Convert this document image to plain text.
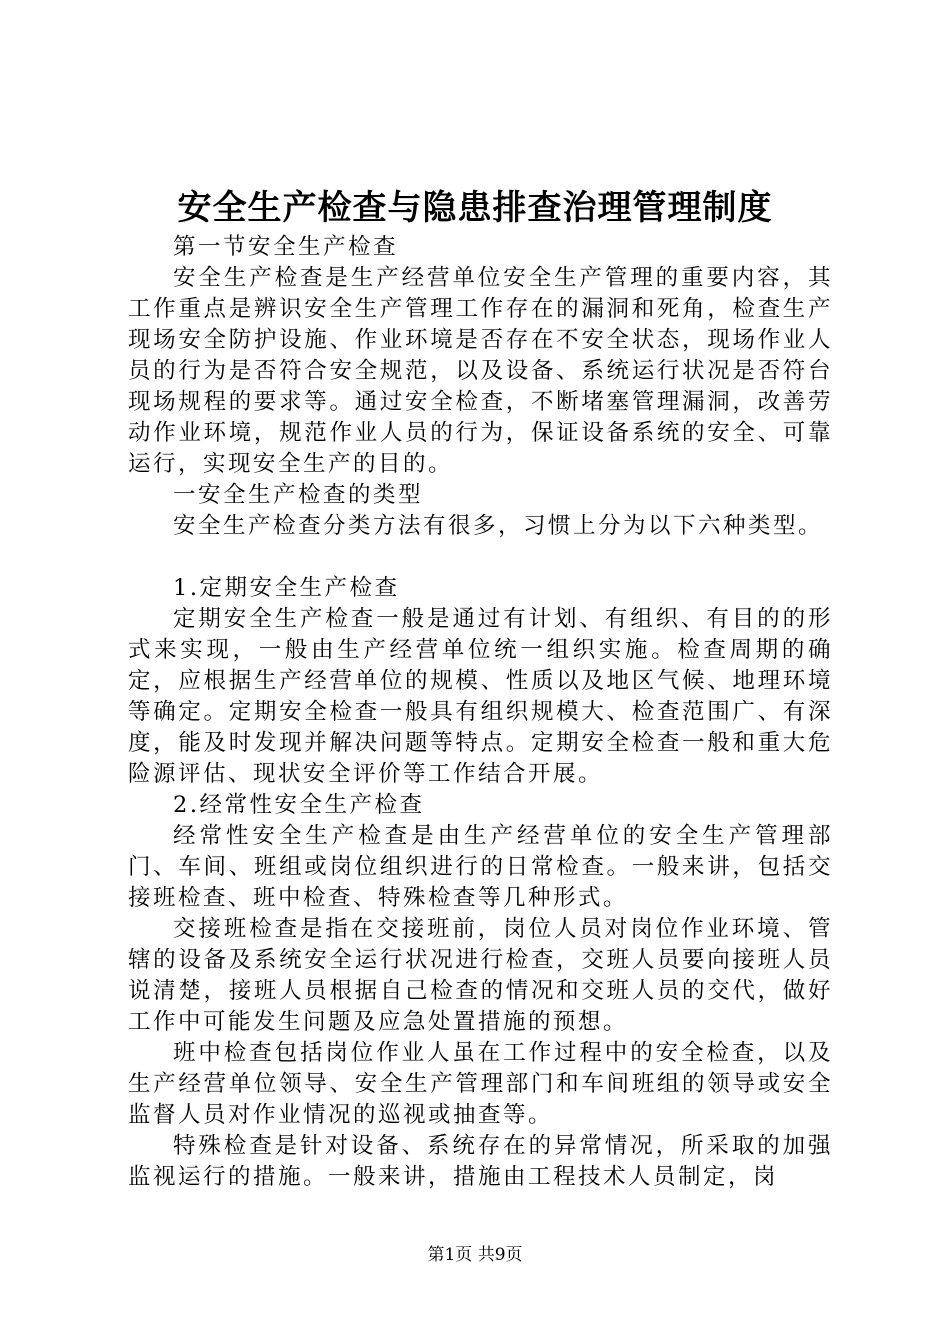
安全生产检查与隐患排查治理管理制度

第一节安全生产检查

安全生产检查是生产经营单位安全生产管理的重要内容，其工作重点是辨识安全生产管理工作存在的漏洞和死角，检查生产现场安全防护设施、作业环境是否存在不安全状态，现场作业人员的行为是否符合安全规范，以及设备、系统运行状况是否符台现场规程的要求等。通过安全检查，不断堵塞管理漏洞，改善劳动作业环境，规范作业人员的行为，保证设备系统的安全、可靠运行，实现安全生产的目的。

一安全生产检查的类型

安全生产检查分类方法有很多，习惯上分为以下六种类型。

1.定期安全生产检查

定期安全生产检查一般是通过有计划、有组织、有目的的形式来实现，一般由生产经营单位统一组织实施。检查周期的确定，应根据生产经营单位的规模、性质以及地区气候、地理环境等确定。定期安全检查一般具有组织规模大、检查范围广、有深度，能及时发现并解决问题等特点。定期安全检查一般和重大危险源评估、现状安全评价等工作结合开展。

2.经常性安全生产检查

经常性安全生产检查是由生产经营单位的安全生产管理部门、车间、班组或岗位组织进行的日常检查。一般来讲，包括交接班检查、班中检查、特殊检查等几种形式。

交接班检查是指在交接班前，岗位人员对岗位作业环境、管辖的设备及系统安全运行状况进行检查，交班人员要向接班人员说清楚，接班人员根据自己检查的情况和交班人员的交代，做好工作中可能发生问题及应急处置措施的预想。

班中检查包括岗位作业人虽在工作过程中的安全检查，以及生产经营单位领导、安全生产管理部门和车间班组的领导或安全监督人员对作业情况的巡视或抽查等。

特殊检查是针对设备、系统存在的异常情况，所采取的加强监视运行的措施。一般来讲，措施由工程技术人员制定，岗

第1页 共9页
